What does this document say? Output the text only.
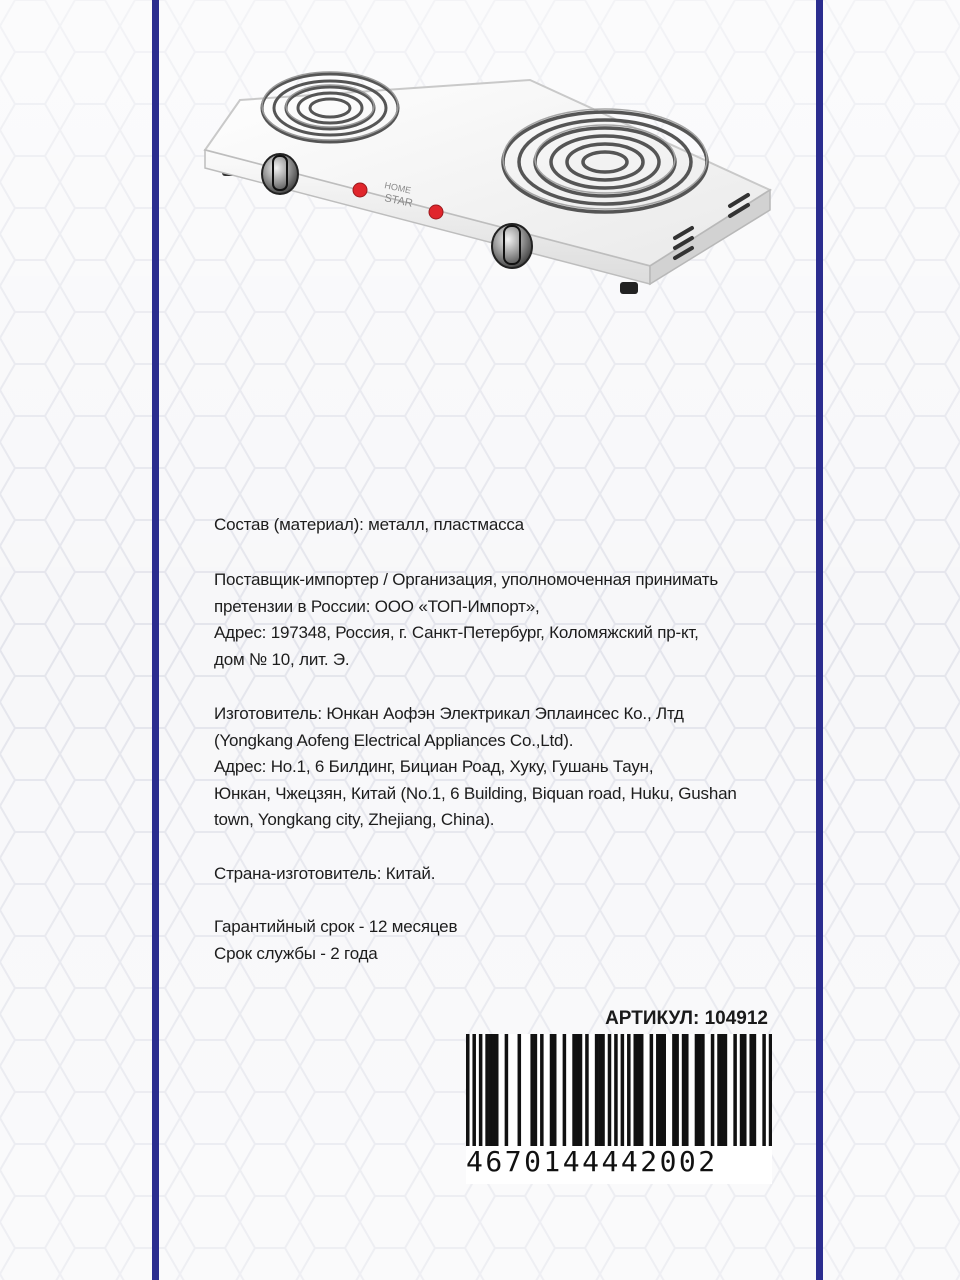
HOME
STAR
Состав (материал): металл, пластмасса
Поставщик-импортер / Организация, уполномоченная принимать
претензии в России: ООО «ТОП-Импорт»,
Адрес: 197348, Россия, г. Санкт-Петербург, Коломяжский пр-кт,
дом № 10, лит. Э.
Изготовитель: Юнкан Аофэн Электрикал Эплаинсес Ко., Лтд
(Yongkang Aofeng Electrical Appliances Co.,Ltd).
Адрес: Но.1, 6 Билдинг, Бициан Роад, Хуку, Гушань Таун,
Юнкан, Чжецзян, Китай (No.1, 6 Building, Biquan road, Huku, Gushan
town, Yongkang city, Zhejiang, China).
Страна-изготовитель: Китай.
Гарантийный срок - 12 месяцев
Срок службы - 2 года
АРТИКУЛ: 104912
4670144442002
